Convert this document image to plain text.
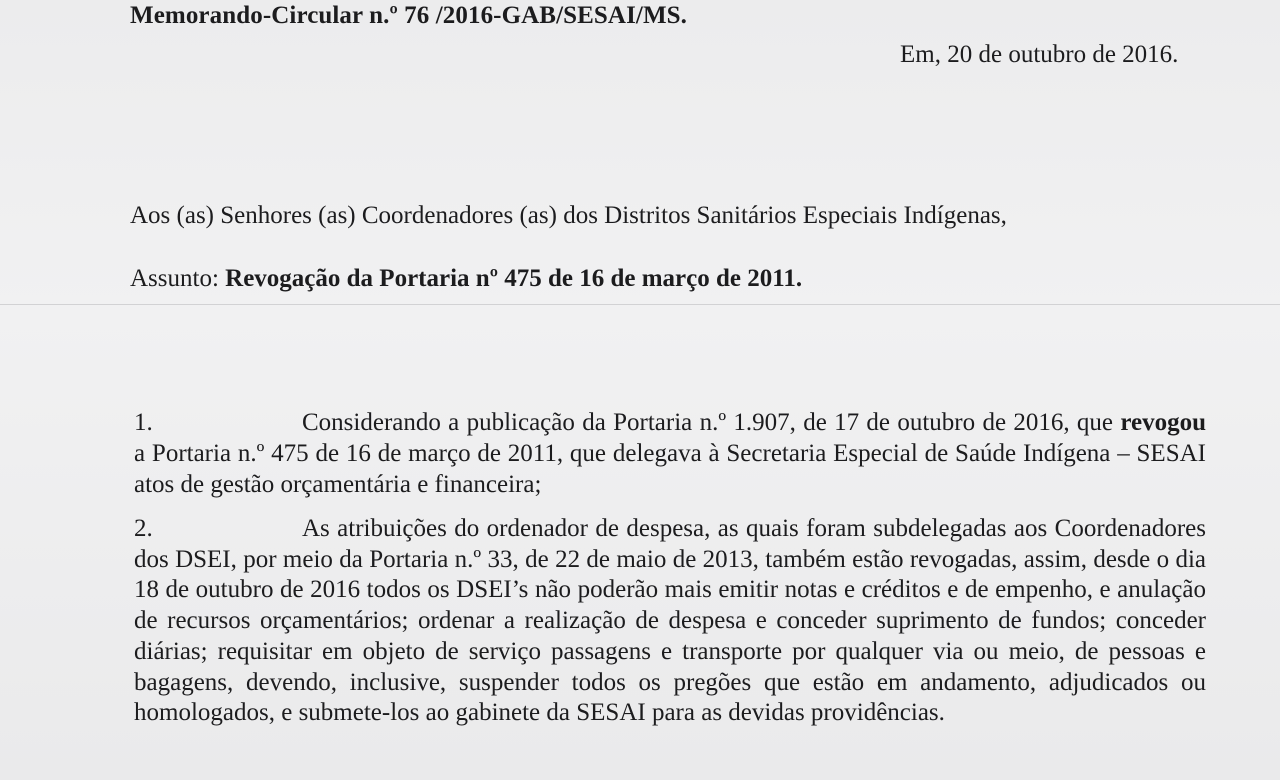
Memorando-Circular n.º 76 /2016-GAB/SESAI/MS.
Em, 20 de outubro de 2016.
Aos (as) Senhores (as) Coordenadores (as) dos Distritos Sanitários Especiais Indígenas,
Assunto: Revogação da Portaria nº 475 de 16 de março de 2011.
1.	Considerando a publicação da Portaria n.º 1.907, de 17 de outubro de 2016, que revogou a Portaria n.º 475 de 16 de março de 2011, que delegava à Secretaria Especial de Saúde Indígena – SESAI atos de gestão orçamentária e financeira;
2.	As atribuições do ordenador de despesa, as quais foram subdelegadas aos Coordenadores dos DSEI, por meio da Portaria n.º 33, de 22 de maio de 2013, também estão revogadas, assim, desde o dia 18 de outubro de 2016 todos os DSEI’s não poderão mais emitir notas e créditos e de empenho, e anulação de recursos orçamentários; ordenar a realização de despesa e conceder suprimento de fundos; conceder diárias; requisitar em objeto de serviço passagens e transporte por qualquer via ou meio, de pessoas e bagagens, devendo, inclusive, suspender todos os pregões que estão em andamento, adjudicados ou homologados, e submete-los ao gabinete da SESAI para as devidas providências.
